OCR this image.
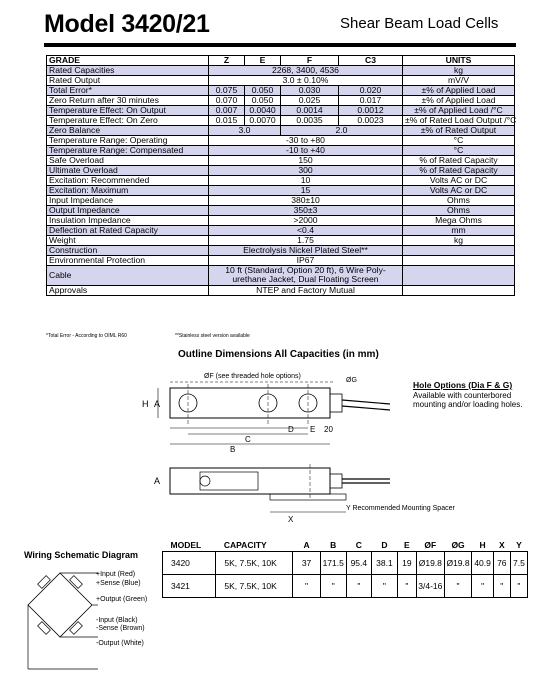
Model 3420/21	Shear Beam Load Cells
GRADE	Z	E	F	C3	UNITS
Rated Capacities	2268, 3400, 4536				kg
Rated Output	3.0 ± 0.10%				mV/V
Total Error*	0.075	0.050	0.030	0.020	±% of Applied Load
Zero Return after 30 minutes	0.070	0.050	0.025	0.017	±% of Applied Load
Temperature Effect: On Output	0.007	0.0040	0.0014	0.0012	±% of Applied Load /°C
Temperature Effect: On Zero	0.015	0.0070	0.0035	0.0023	±% of Rated Load Output /°C
Zero Balance	3.0		2.0		±% of Rated Output
Temperature Range: Operating	-30 to +80				°C
Temperature Range: Compensated	-10 to +40				°C
Safe Overload	150				% of Rated Capacity
Ultimate Overload	300				% of Rated Capacity
Excitation: Recommended	10				Volts AC or DC
Excitation: Maximum	15				Volts AC or DC
Input Impedance	380±10				Ohms
Output Impedance	350±3				Ohms
Insulation Impedance	>2000				Mega Ohms
Deflection at Rated Capacity	<0.4				mm
Weight	1.75				kg
Construction	Electrolysis Nickel Plated Steel**				
Environmental Protection	IP67				
Cable	10 ft (Standard, Option 20 ft), 6 Wire Poly-urethane Jacket, Dual Floating Screen				
Approvals	NTEP and Factory Mutual				
*Total Error - According to OIML R60	**Stainless steel version available
Outline Dimensions All Capacities (in mm)
H A
C
D E 20
B
ØF (see threaded hole options)
ØG
A
X
Y Recommended Mounting Spacer
Hole Options (Dia F & G)
Available with counterbored mounting and/or loading holes.
Wiring Schematic Diagram
+Input (Red)
+Sense (Blue)
+Output (Green)
-Input (Black)
-Sense (Brown)
-Output (White)
MODEL	CAPACITY	A	B	C	D	E	ØF	ØG	H	X	Y
3420	5K, 7.5K, 10K	37	171.5	95.4	38.1	19	Ø19.8	Ø19.8	40.9	76	7.5
3421	5K, 7.5K, 10K	"	"	"	"	"	3/4-16	"	"	"	"
